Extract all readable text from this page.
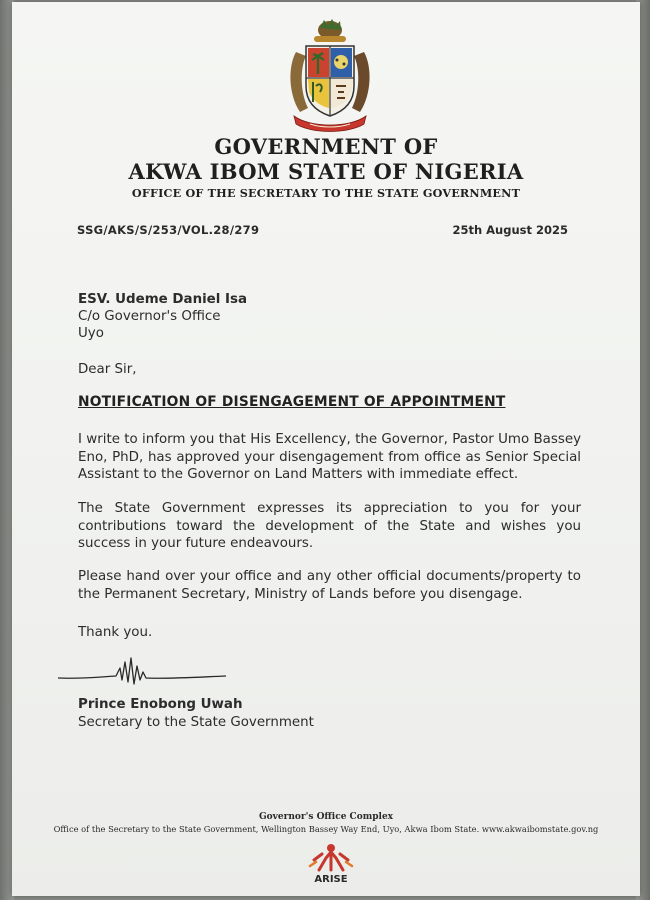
GOVERNMENT OF
AKWA IBOM STATE OF NIGERIA
OFFICE OF THE SECRETARY TO THE STATE GOVERNMENT
SSG/AKS/S/253/VOL.28/279	25th August 2025
ESV. Udeme Daniel Isa
C/o Governor's Office
Uyo
Dear Sir,
NOTIFICATION OF DISENGAGEMENT OF APPOINTMENT
I write to inform you that His Excellency, the Governor, Pastor Umo Bassey Eno, PhD, has approved your disengagement from office as Senior Special Assistant to the Governor on Land Matters with immediate effect.
The State Government expresses its appreciation to you for your contributions toward the development of the State and wishes you success in your future endeavours.
Please hand over your office and any other official documents/property to the Permanent Secretary, Ministry of Lands before you disengage.
Thank you.
Prince Enobong Uwah
Secretary to the State Government
Governor's Office Complex
Office of the Secretary to the State Government, Wellington Bassey Way End, Uyo, Akwa Ibom State. www.akwaibomstate.gov.ng
ARISE
